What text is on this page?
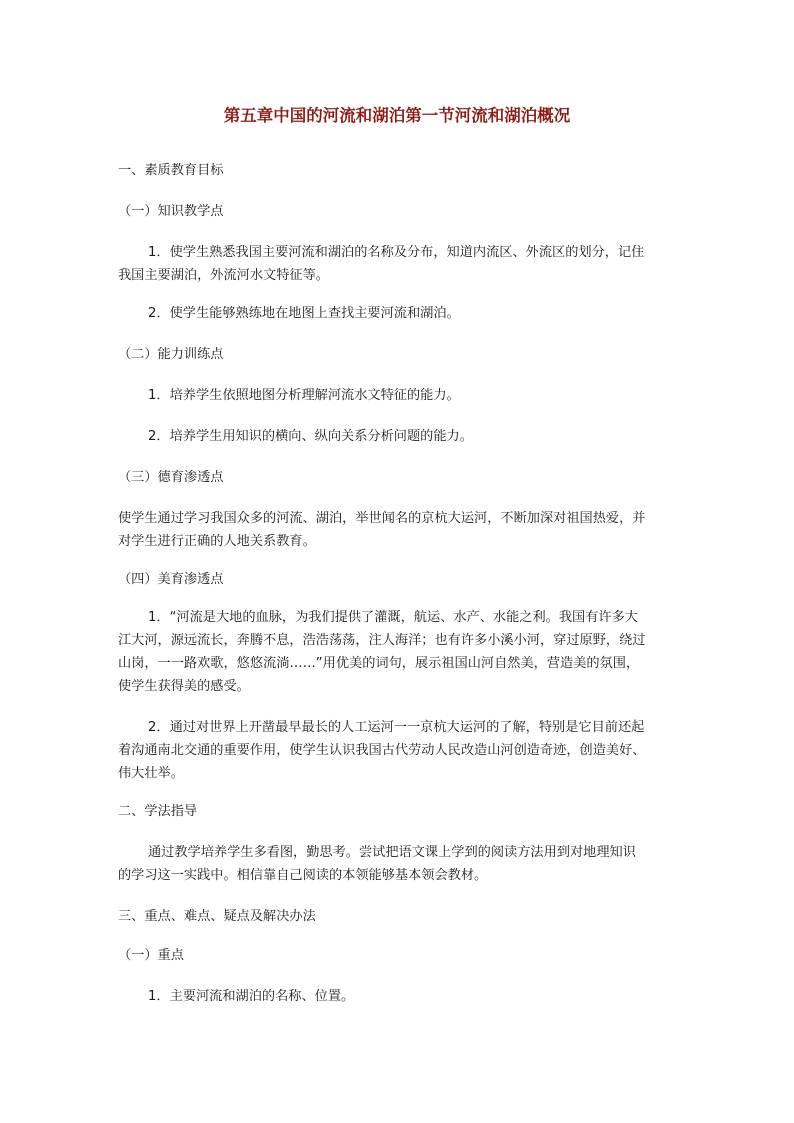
第五章中国的河流和湖泊第一节河流和湖泊概况
一、素质教育目标
（一）知识教学点
1．使学生熟悉我国主要河流和湖泊的名称及分布，知道内流区、外流区的划分，记住
我国主要湖泊，外流河水文特征等。
2．使学生能够熟练地在地图上查找主要河流和湖泊。
（二）能力训练点
1．培养学生依照地图分析理解河流水文特征的能力。
2．培养学生用知识的横向、纵向关系分析问题的能力。
（三）德育渗透点
使学生通过学习我国众多的河流、湖泊，举世闻名的京杭大运河，不断加深对祖国热爱，并
对学生进行正确的人地关系教育。
（四）美育渗透点
1．“河流是大地的血脉，为我们提供了灌溉，航运、水产、水能之利。我国有许多大
江大河，源远流长，奔腾不息，浩浩荡荡，注人海洋；也有许多小溪小河，穿过原野，绕过
山岗，一一路欢歌，悠悠流淌……”用优美的词句，展示祖国山河自然美，营造美的氛围，
使学生获得美的感受。
2．通过对世界上开凿最早最长的人工运河一一京杭大运河的了解，特别是它目前还起
着沟通南北交通的重要作用，使学生认识我国古代劳动人民改造山河创造奇迹，创造美好、
伟大壮举。
二、学法指导
通过教学培养学生多看图，勤思考。尝试把语文课上学到的阅读方法用到对地理知识
的学习这一实践中。相信靠自己阅读的本领能够基本领会教材。
三、重点、难点、疑点及解决办法
（一）重点
1．主要河流和湖泊的名称、位置。
